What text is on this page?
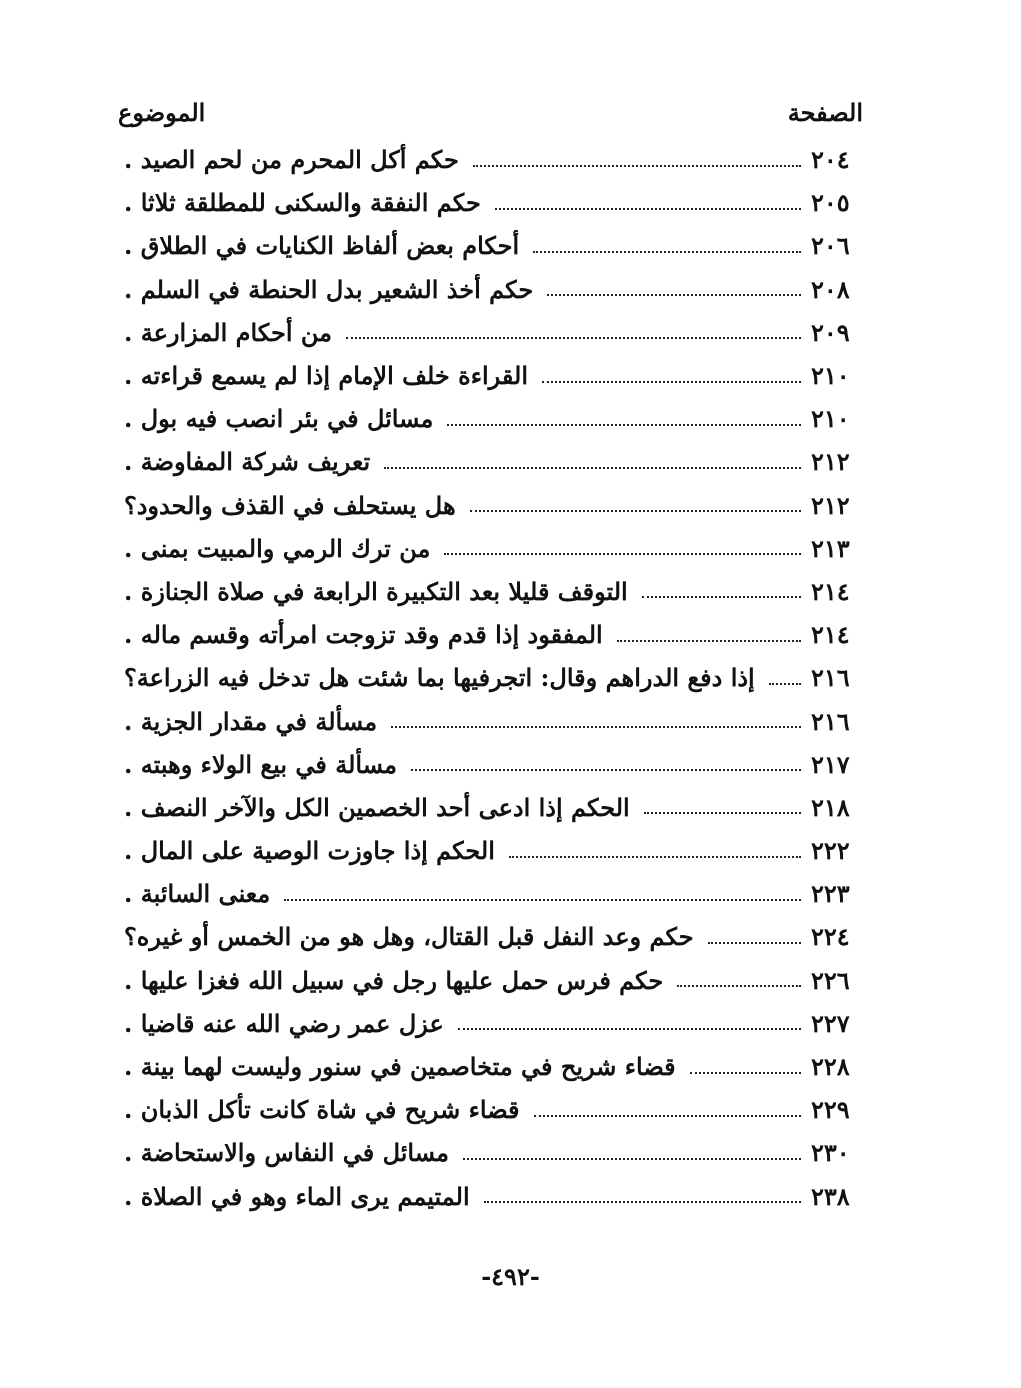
الموضوع	الصفحة
حكم أكل المحرم من لحم الصيد .	٢٠٤
حكم النفقة والسكنى للمطلقة ثلاثا .	٢٠٥
أحكام بعض ألفاظ الكنايات في الطلاق .	٢٠٦
حكم أخذ الشعير بدل الحنطة في السلم .	٢٠٨
من أحكام المزارعة .	٢٠٩
القراءة خلف الإمام إذا لم يسمع قراءته .	٢١٠
مسائل في بئر انصب فيه بول .	٢١٠
تعريف شركة المفاوضة .	٢١٢
هل يستحلف في القذف والحدود؟	٢١٢
من ترك الرمي والمبيت بمنى .	٢١٣
التوقف قليلا بعد التكبيرة الرابعة في صلاة الجنازة .	٢١٤
المفقود إذا قدم وقد تزوجت امرأته وقسم ماله .	٢١٤
إذا دفع الدراهم وقال: اتجرفيها بما شئت هل تدخل فيه الزراعة؟ ٢١٦
مسألة في مقدار الجزية .	٢١٦
مسألة في بيع الولاء وهبته .	٢١٧
الحكم إذا ادعى أحد الخصمين الكل والآخر النصف .	٢١٨
الحكم إذا جاوزت الوصية على المال .	٢٢٢
معنى السائبة .	٢٢٣
حكم وعد النفل قبل القتال، وهل هو من الخمس أو غيره؟	٢٢٤
حكم فرس حمل عليها رجل في سبيل الله فغزا عليها .	٢٢٦
عزل عمر رضي الله عنه قاضيا .	٢٢٧
قضاء شريح في متخاصمين في سنور وليست لهما بينة .	٢٢٨
قضاء شريح في شاة كانت تأكل الذبان .	٢٢٩
مسائل في النفاس والاستحاضة .	٢٣٠
المتيمم يرى الماء وهو في الصلاة .	٢٣٨
-٤٩٢-
